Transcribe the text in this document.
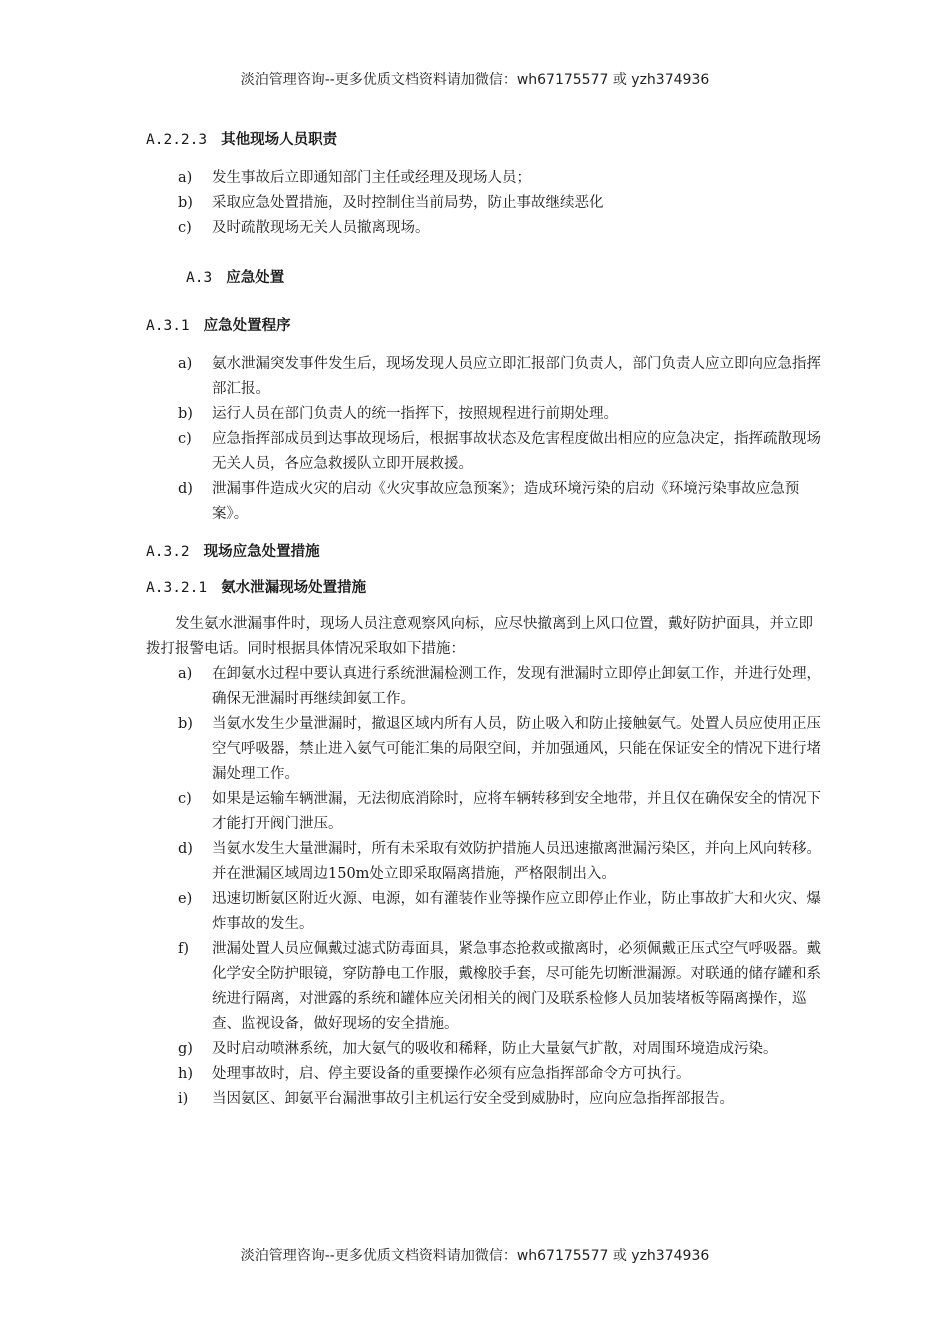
淡泊管理咨询--更多优质文档资料请加微信：wh67175577 或 yzh374936
A.2.2.3 其他现场人员职责
a) 发生事故后立即通知部门主任或经理及现场人员；
b) 采取应急处置措施，及时控制住当前局势，防止事故继续恶化
c) 及时疏散现场无关人员撤离现场。
A.3 应急处置
A.3.1 应急处置程序
a) 氨水泄漏突发事件发生后，现场发现人员应立即汇报部门负责人，部门负责人应立即向应急指挥部汇报。
b) 运行人员在部门负责人的统一指挥下，按照规程进行前期处理。
c) 应急指挥部成员到达事故现场后，根据事故状态及危害程度做出相应的应急决定，指挥疏散现场无关人员，各应急救援队立即开展救援。
d) 泄漏事件造成火灾的启动《火灾事故应急预案》；造成环境污染的启动《环境污染事故应急预案》。
A.3.2 现场应急处置措施
A.3.2.1 氨水泄漏现场处置措施
发生氨水泄漏事件时，现场人员注意观察风向标，应尽快撤离到上风口位置，戴好防护面具，并立即拨打报警电话。同时根据具体情况采取如下措施：
a) 在卸氨水过程中要认真进行系统泄漏检测工作，发现有泄漏时立即停止卸氨工作，并进行处理，确保无泄漏时再继续卸氨工作。
b) 当氨水发生少量泄漏时，撤退区域内所有人员，防止吸入和防止接触氨气。处置人员应使用正压空气呼吸器，禁止进入氨气可能汇集的局限空间，并加强通风，只能在保证安全的情况下进行堵漏处理工作。
c) 如果是运输车辆泄漏，无法彻底消除时，应将车辆转移到安全地带，并且仅在确保安全的情况下才能打开阀门泄压。
d) 当氨水发生大量泄漏时，所有未采取有效防护措施人员迅速撤离泄漏污染区，并向上风向转移。并在泄漏区域周边150m处立即采取隔离措施，严格限制出入。
e) 迅速切断氨区附近火源、电源，如有灌装作业等操作应立即停止作业，防止事故扩大和火灾、爆炸事故的发生。
f) 泄漏处置人员应佩戴过滤式防毒面具，紧急事态抢救或撤离时，必须佩戴正压式空气呼吸器。戴化学安全防护眼镜，穿防静电工作服，戴橡胶手套，尽可能先切断泄漏源。对联通的储存罐和系统进行隔离，对泄露的系统和罐体应关闭相关的阀门及联系检修人员加装堵板等隔离操作，巡查、监视设备，做好现场的安全措施。
g) 及时启动喷淋系统，加大氨气的吸收和稀释，防止大量氨气扩散，对周围环境造成污染。
h) 处理事故时，启、停主要设备的重要操作必须有应急指挥部命令方可执行。
i) 当因氨区、卸氨平台漏泄事故引主机运行安全受到威胁时，应向应急指挥部报告。
淡泊管理咨询--更多优质文档资料请加微信：wh67175577 或 yzh374936
